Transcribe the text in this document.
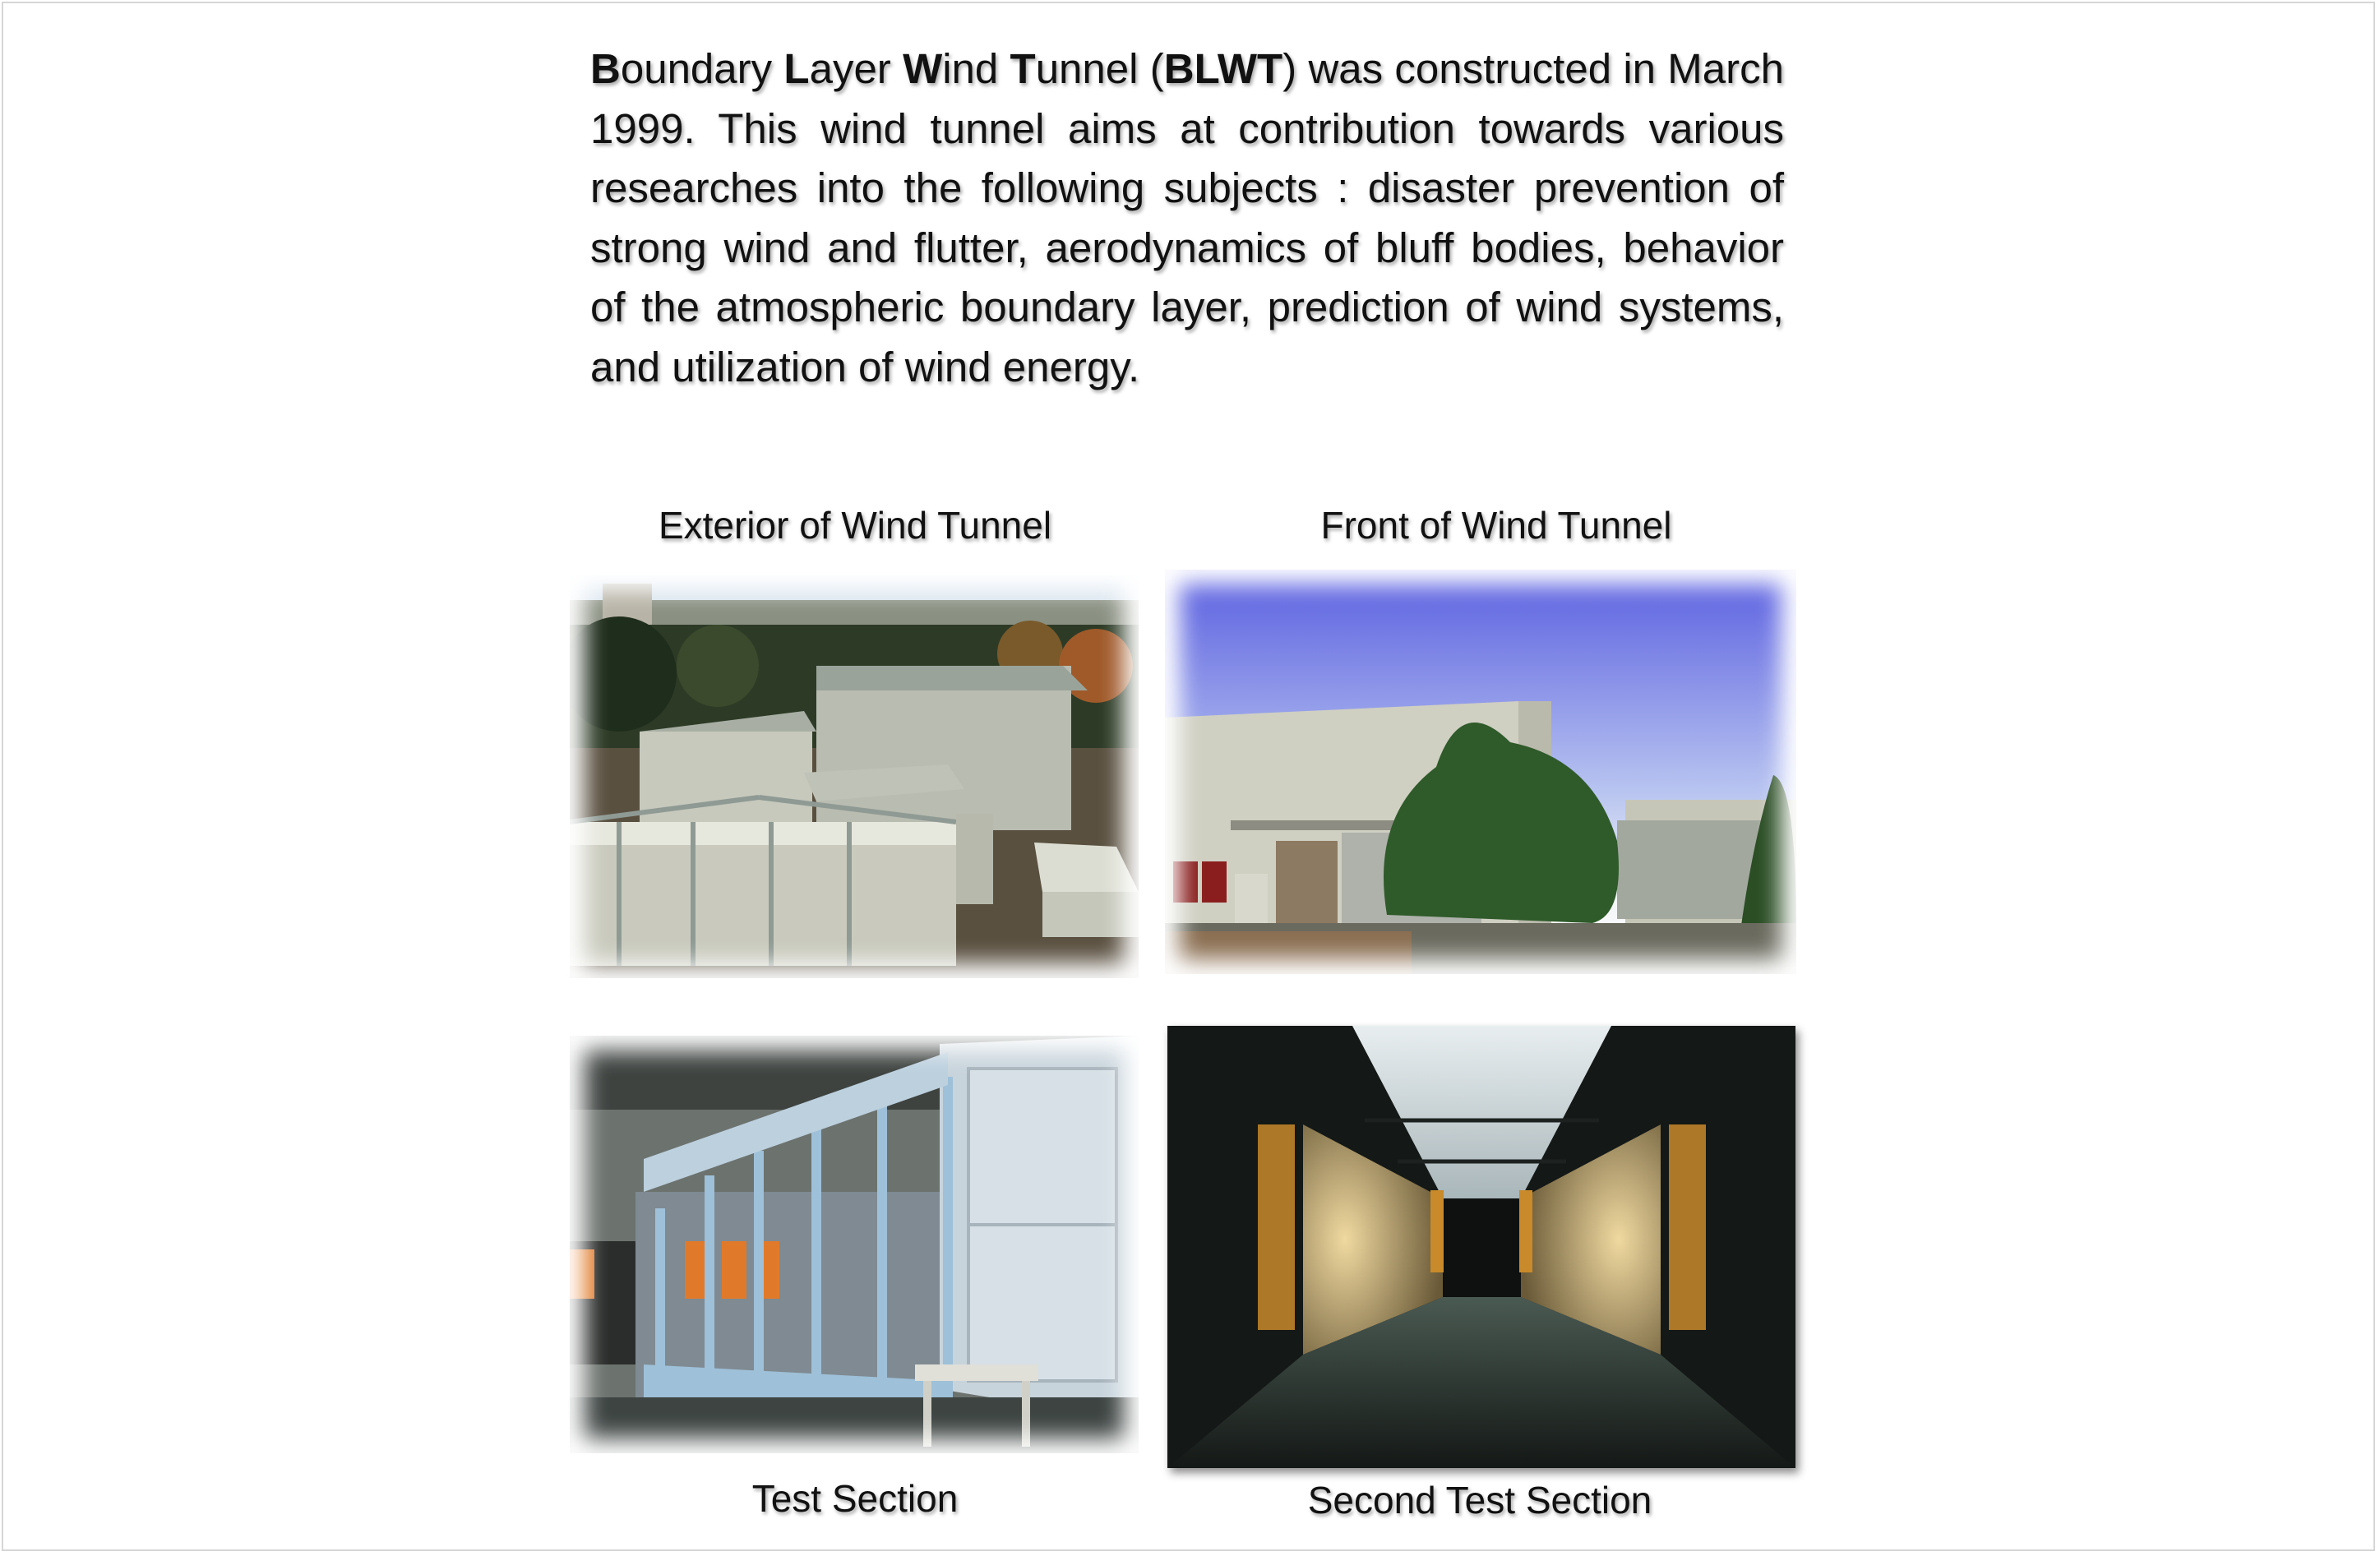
Boundary Layer Wind Tunnel (BLWT) was constructed in March 1999. This wind tunnel aims at contribution towards various researches into the following subjects : disaster prevention of strong wind and flutter, aerodynamics of bluff bodies, behavior of the atmospheric boundary layer, prediction of wind systems, and utilization of wind energy.

Exterior of Wind Tunnel	Front of Wind Tunnel
Test Section	Second Test Section
